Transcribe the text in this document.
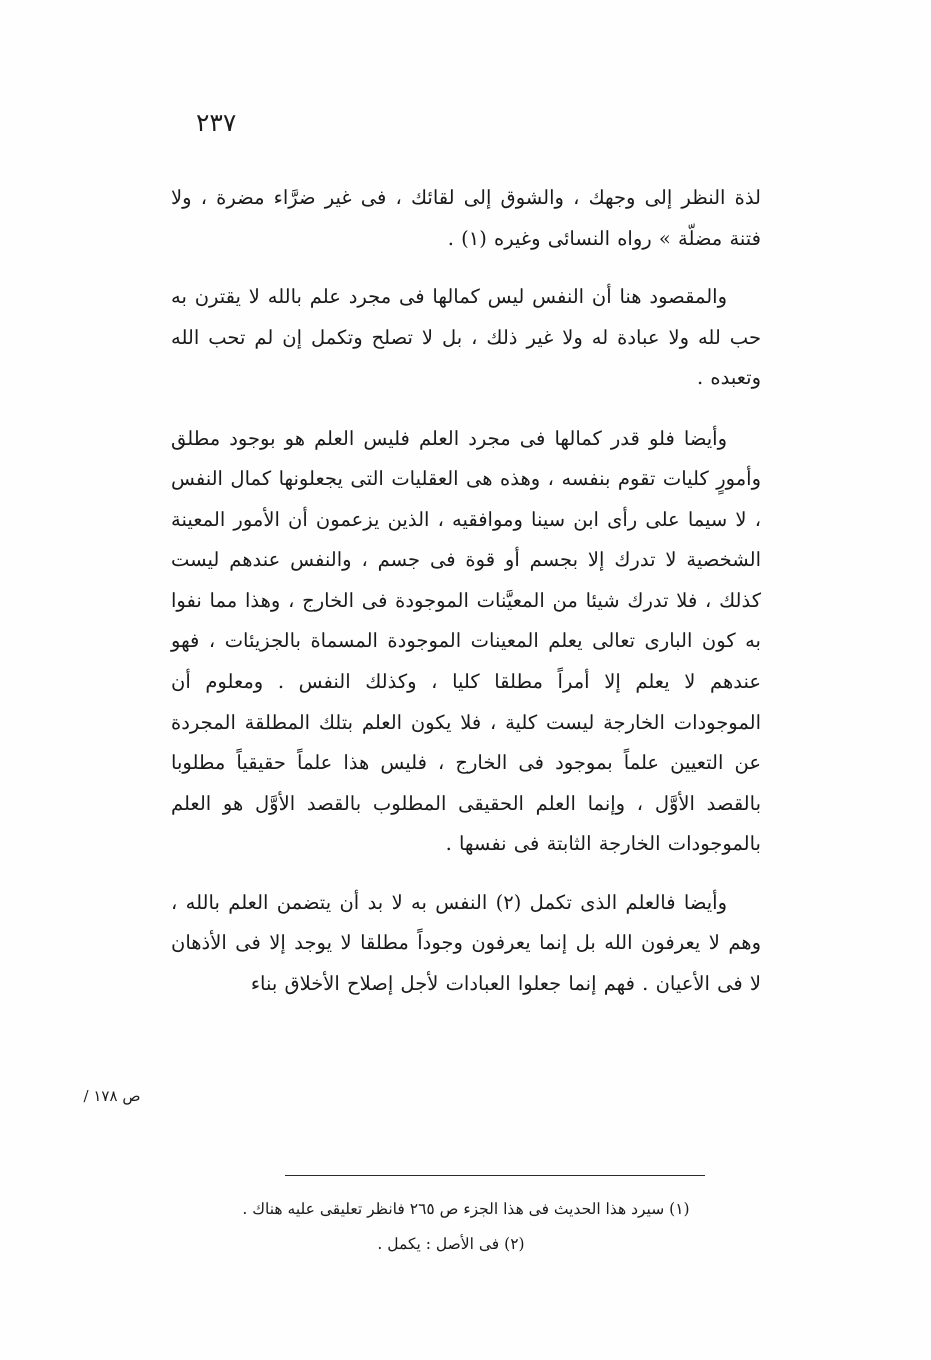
٢٣٧

لذة النظر إلى وجهك ، والشوق إلى لقائك ، فى غير ضرَّاء مضرة ، ولا فتنة مضلّة » رواه النسائى وغيره (١) .

والمقصود هنا أن النفس ليس كمالها فى مجرد علم بالله لا يقترن به حب لله ولا عبادة له ولا غير ذلك ، بل لا تصلح وتكمل إن لم تحب الله وتعبده .

وأيضا فلو قدر كمالها فى مجرد العلم فليس العلم هو بوجود مطلق وأمورٍ كليات تقوم بنفسه ، وهذه هى العقليات التى يجعلونها كمال النفس ، لا سيما على رأى ابن سينا وموافقيه ، الذين يزعمون أن الأمور المعينة الشخصية لا تدرك إلا بجسم أو قوة فى جسم ، والنفس عندهم ليست كذلك ، فلا تدرك شيئا من المعيَّنات الموجودة فى الخارج ، وهذا مما نفوا به كون البارى تعالى يعلم المعينات الموجودة المسماة بالجزيئات ، فهو عندهم لا يعلم إلا أمراً مطلقا كليا ، وكذلك النفس . ومعلوم أن الموجودات الخارجة ليست كلية ، فلا يكون العلم بتلك المطلقة المجردة عن التعيين علماً بموجود فى الخارج ، فليس هذا علماً حقيقياً مطلوبا بالقصد الأوَّل ، وإنما العلم الحقيقى المطلوب بالقصد الأوَّل هو العلم بالموجودات الخارجة الثابتة فى نفسها .

وأيضا فالعلم الذى تكمل (٢) النفس به لا بد أن يتضمن العلم بالله ، وهم لا يعرفون الله بل إنما يعرفون وجوداً مطلقا لا يوجد إلا فى الأذهان لا فى الأعيان . فهم إنما جعلوا العبادات لأجل إصلاح الأخلاق بناء

ص ١٧٨ /

(١) سيرد هذا الحديث فى هذا الجزء ص ٢٦٥ فانظر تعليقى عليه هناك .

(٢) فى الأصل : يكمل .
